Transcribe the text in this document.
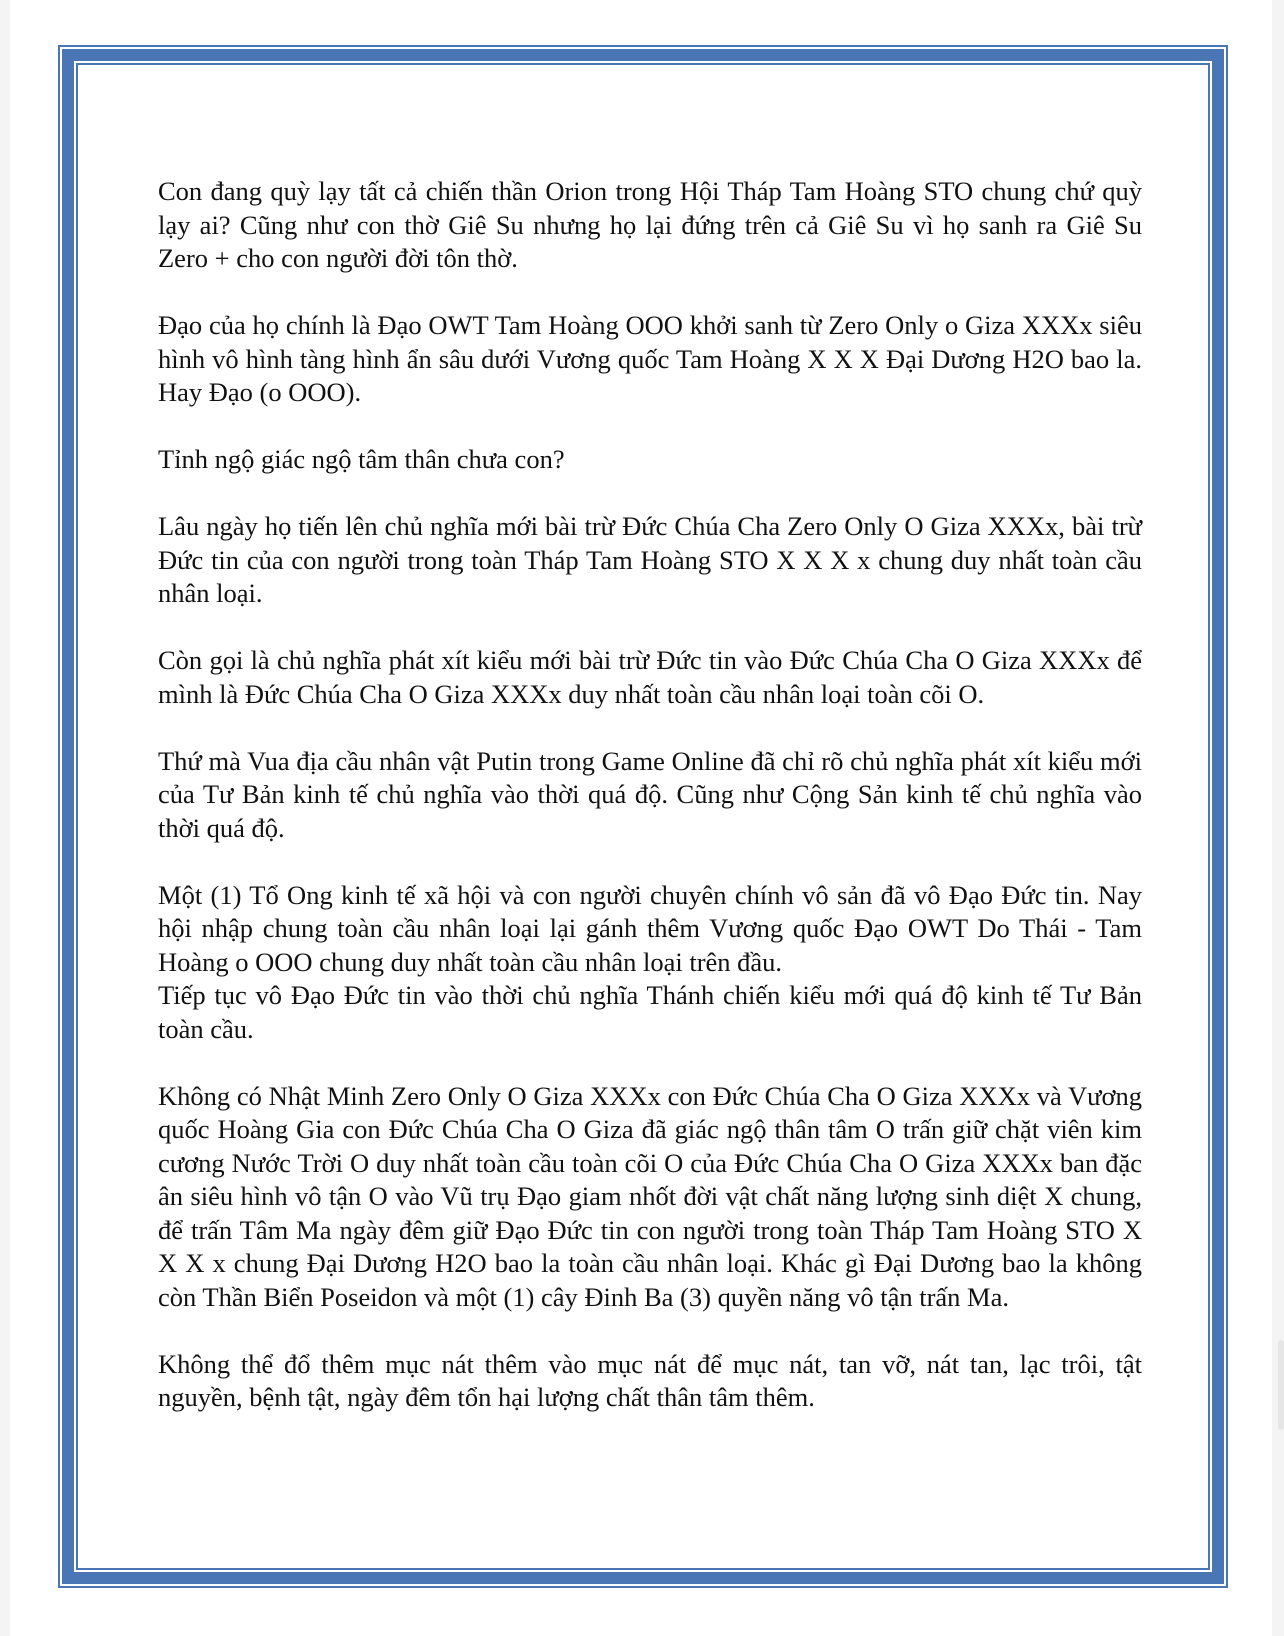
Con đang quỳ lạy tất cả chiến thần Orion trong Hội Tháp Tam Hoàng STO chung chứ quỳ lạy ai? Cũng như con thờ Giê Su nhưng họ lại đứng trên cả Giê Su vì họ sanh ra Giê Su Zero + cho con người đời tôn thờ.

Đạo của họ chính là Đạo OWT Tam Hoàng OOO khởi sanh từ Zero Only o Giza XXXx siêu hình vô hình tàng hình ẩn sâu dưới Vương quốc Tam Hoàng X X X Đại Dương H2O bao la. Hay Đạo (o OOO).

Tỉnh ngộ giác ngộ tâm thân chưa con?

Lâu ngày họ tiến lên chủ nghĩa mới bài trừ Đức Chúa Cha Zero Only O Giza XXXx, bài trừ Đức tin của con người trong toàn Tháp Tam Hoàng STO X X X x chung duy nhất toàn cầu nhân loại.

Còn gọi là chủ nghĩa phát xít kiểu mới bài trừ Đức tin vào Đức Chúa Cha O Giza XXXx để mình là Đức Chúa Cha O Giza XXXx duy nhất toàn cầu nhân loại toàn cõi O.

Thứ mà Vua địa cầu nhân vật Putin trong Game Online đã chỉ rõ chủ nghĩa phát xít kiểu mới của Tư Bản kinh tế chủ nghĩa vào thời quá độ. Cũng như Cộng Sản kinh tế chủ nghĩa vào thời quá độ.

Một (1) Tổ Ong kinh tế xã hội và con người chuyên chính vô sản đã vô Đạo Đức tin. Nay hội nhập chung toàn cầu nhân loại lại gánh thêm Vương quốc Đạo OWT Do Thái - Tam Hoàng o OOO chung duy nhất toàn cầu nhân loại trên đầu.
Tiếp tục vô Đạo Đức tin vào thời chủ nghĩa Thánh chiến kiểu mới quá độ kinh tế Tư Bản toàn cầu.

Không có Nhật Minh Zero Only O Giza XXXx con Đức Chúa Cha O Giza XXXx và Vương quốc Hoàng Gia con Đức Chúa Cha O Giza đã giác ngộ thân tâm O trấn giữ chặt viên kim cương Nước Trời O duy nhất toàn cầu toàn cõi O của Đức Chúa Cha O Giza XXXx ban đặc ân siêu hình vô tận O vào Vũ trụ Đạo giam nhốt đời vật chất năng lượng sinh diệt X chung, để trấn Tâm Ma ngày đêm giữ Đạo Đức tin con người trong toàn Tháp Tam Hoàng STO X X X x chung Đại Dương H2O bao la toàn cầu nhân loại. Khác gì Đại Dương bao la không còn Thần Biển Poseidon và một (1) cây Đinh Ba (3) quyền năng vô tận trấn Ma.

Không thể đổ thêm mục nát thêm vào mục nát để mục nát, tan vỡ, nát tan, lạc trôi, tật nguyền, bệnh tật, ngày đêm tổn hại lượng chất thân tâm thêm.
